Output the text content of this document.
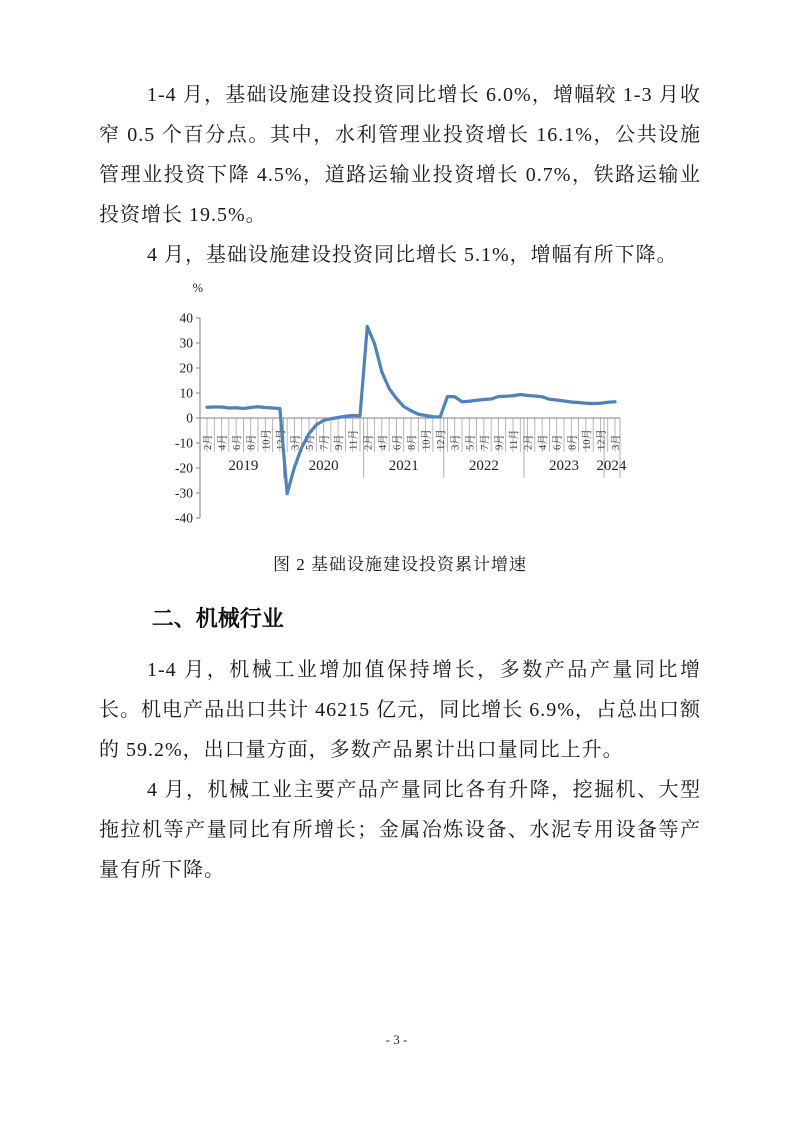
1-4 月，基础设施建设投资同比增长 6.0%，增幅较 1-3 月收窄 0.5 个百分点。其中，水利管理业投资增长 16.1%，公共设施管理业投资下降 4.5%，道路运输业投资增长 0.7%，铁路运输业投资增长 19.5%。
4 月，基础设施建设投资同比增长 5.1%，增幅有所下降。
2019	2020	2021	2022	2023 2024
40
30
20
10
0
-10
-20
-30
-40
2月 4月 6月 8月 10月 12月 3月 5月 7月 9月 11月 2月 4月 6月 8月 10月 12月 3月 5月 7月 9月 11月 2月 4月 6月 8月 10月 12月 3月
%
图 2 基础设施建设投资累计增速
二、机械行业
1-4 月，机械工业增加值保持增长，多数产品产量同比增长。机电产品出口共计 46215 亿元，同比增长 6.9%，占总出口额的 59.2%，出口量方面，多数产品累计出口量同比上升。
4 月，机械工业主要产品产量同比各有升降，挖掘机、大型拖拉机等产量同比有所增长；金属冶炼设备、水泥专用设备等产量有所下降。
- 3 -
